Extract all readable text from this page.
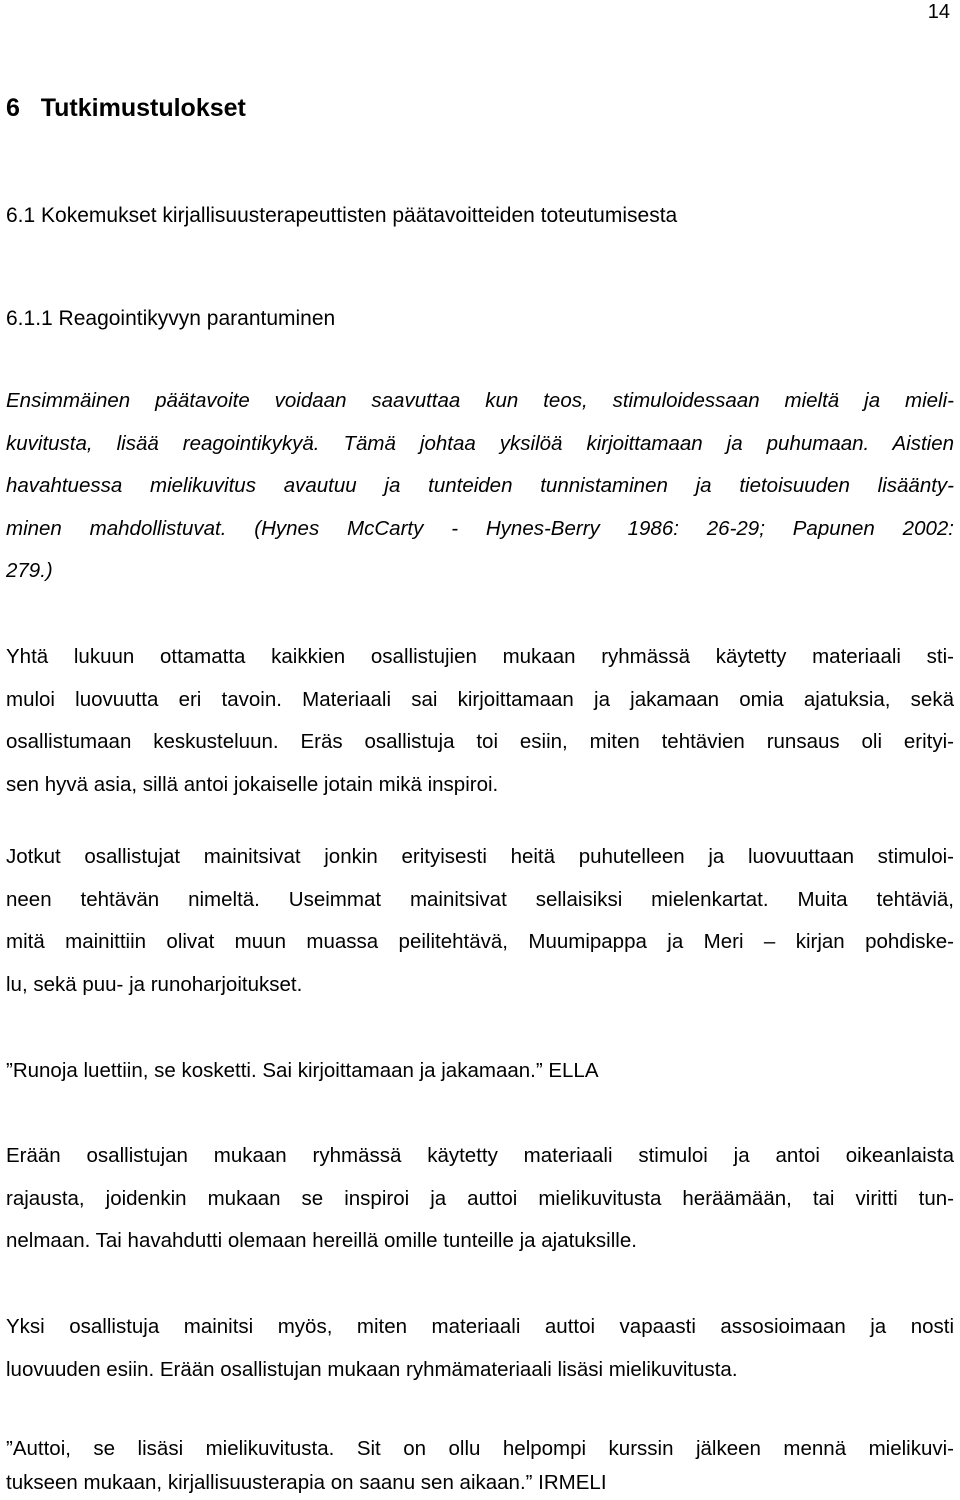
14
6   Tutkimustulokset
6.1 Kokemukset kirjallisuusterapeuttisten päätavoitteiden toteutumisesta
6.1.1 Reagointikyvyn parantuminen
Ensimmäinen päätavoite voidaan saavuttaa kun teos, stimuloidessaan mieltä ja mieli-
kuvitusta, lisää reagointikykyä. Tämä johtaa yksilöä kirjoittamaan ja puhumaan. Aistien
havahtuessa mielikuvitus avautuu ja tunteiden tunnistaminen ja tietoisuuden lisäänty-
minen mahdollistuvat. (Hynes McCarty - Hynes-Berry 1986: 26-29; Papunen 2002:
279.)
Yhtä lukuun ottamatta kaikkien osallistujien mukaan ryhmässä käytetty materiaali sti-
muloi luovuutta eri tavoin. Materiaali sai kirjoittamaan ja jakamaan omia ajatuksia, sekä
osallistumaan keskusteluun. Eräs osallistuja toi esiin, miten tehtävien runsaus oli erityi-
sen hyvä asia, sillä antoi jokaiselle jotain mikä inspiroi.
Jotkut osallistujat mainitsivat jonkin erityisesti heitä puhutelleen ja luovuuttaan stimuloi-
neen tehtävän nimeltä. Useimmat mainitsivat sellaisiksi mielenkartat. Muita tehtäviä,
mitä mainittiin olivat muun muassa peilitehtävä, Muumipappa ja Meri – kirjan pohdiske-
lu, sekä puu- ja runoharjoitukset.
”Runoja luettiin, se kosketti. Sai kirjoittamaan ja jakamaan.” ELLA
Erään osallistujan mukaan ryhmässä käytetty materiaali stimuloi ja antoi oikeanlaista
rajausta, joidenkin mukaan se inspiroi ja auttoi mielikuvitusta heräämään, tai viritti tun-
nelmaan. Tai havahdutti olemaan hereillä omille tunteille ja ajatuksille.
Yksi osallistuja mainitsi myös, miten materiaali auttoi vapaasti assosioimaan ja nosti
luovuuden esiin. Erään osallistujan mukaan ryhmämateriaali lisäsi mielikuvitusta.
”Auttoi, se lisäsi mielikuvitusta. Sit on ollu helpompi kurssin jälkeen mennä mielikuvi-
tukseen mukaan, kirjallisuusterapia on saanu sen aikaan.” IRMELI
